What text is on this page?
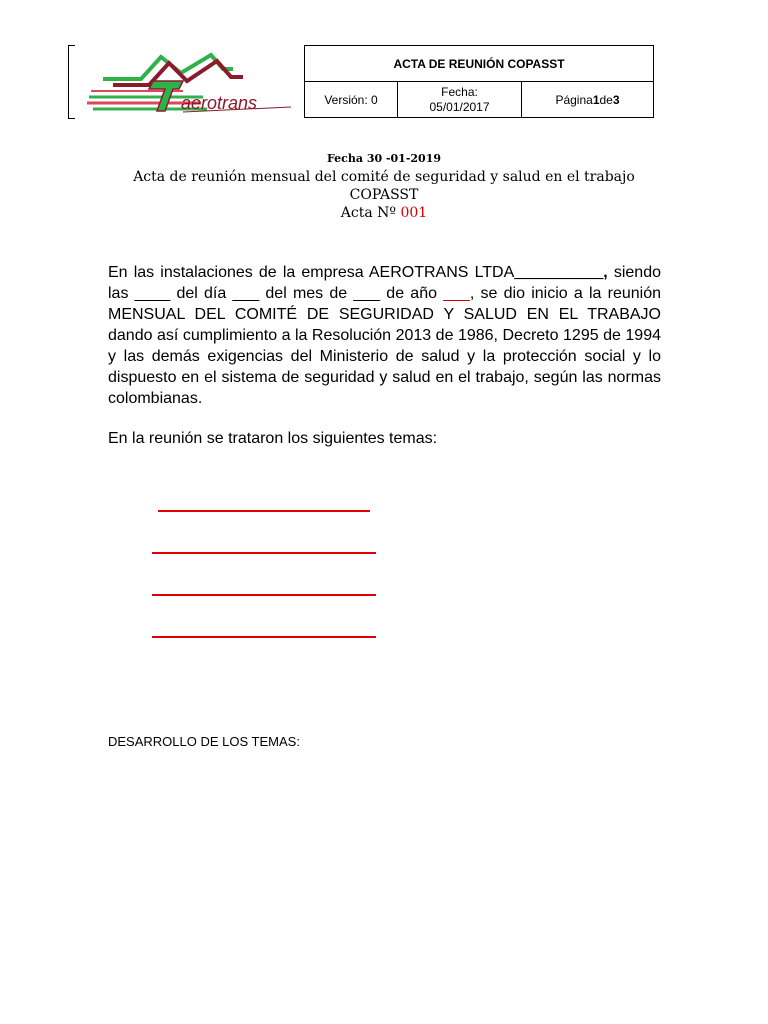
aerotrans
ACTA DE REUNIÓN COPASST
Versión: 0
Fecha:
05/01/2017
Página 1 de 3
Fecha 30 -01-2019
Acta de reunión mensual del comité de seguridad y salud en el trabajo
COPASST
Acta Nº 001
En las instalaciones de la empresa AEROTRANS LTDA__________, siendo las ____ del día ___ del mes de ___ de año ___, se dio inicio a la reunión MENSUAL DEL COMITÉ DE SEGURIDAD Y SALUD EN EL TRABAJO dando así cumplimiento a la Resolución 2013 de 1986, Decreto 1295 de 1994 y las demás exigencias del Ministerio de salud y la protección social y lo dispuesto en el sistema de seguridad y salud en el trabajo, según las normas colombianas.
En la reunión se trataron los siguientes temas:
DESARROLLO DE LOS TEMAS:
